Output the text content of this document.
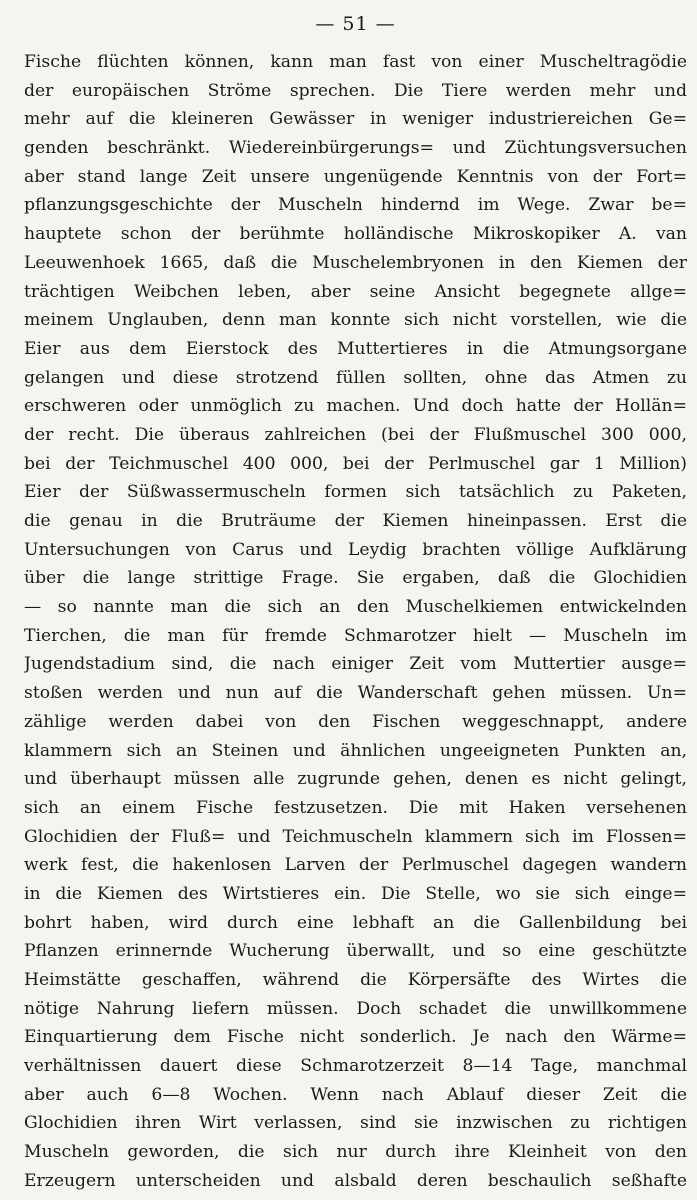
— 51 —
Fische flüchten können, kann man fast von einer Muscheltragödie
der europäischen Ströme sprechen. Die Tiere werden mehr und
mehr auf die kleineren Gewässer in weniger industriereichen Ge=
genden beschränkt. Wiedereinbürgerungs= und Züchtungsversuchen
aber stand lange Zeit unsere ungenügende Kenntnis von der Fort=
pflanzungsgeschichte der Muscheln hindernd im Wege. Zwar be=
hauptete schon der berühmte holländische Mikroskopiker A. van
Leeuwenhoek 1665, daß die Muschelembryonen in den Kiemen der
trächtigen Weibchen leben, aber seine Ansicht begegnete allge=
meinem Unglauben, denn man konnte sich nicht vorstellen, wie die
Eier aus dem Eierstock des Muttertieres in die Atmungsorgane
gelangen und diese strotzend füllen sollten, ohne das Atmen zu
erschweren oder unmöglich zu machen. Und doch hatte der Hollän=
der recht. Die überaus zahlreichen (bei der Flußmuschel 300 000,
bei der Teichmuschel 400 000, bei der Perlmuschel gar 1 Million)
Eier der Süßwassermuscheln formen sich tatsächlich zu Paketen,
die genau in die Bruträume der Kiemen hineinpassen. Erst die
Untersuchungen von Carus und Leydig brachten völlige Aufklärung
über die lange strittige Frage. Sie ergaben, daß die Glochidien
— so nannte man die sich an den Muschelkiemen entwickelnden
Tierchen, die man für fremde Schmarotzer hielt — Muscheln im
Jugendstadium sind, die nach einiger Zeit vom Muttertier ausge=
stoßen werden und nun auf die Wanderschaft gehen müssen. Un=
zählige werden dabei von den Fischen weggeschnappt, andere
klammern sich an Steinen und ähnlichen ungeeigneten Punkten an,
und überhaupt müssen alle zugrunde gehen, denen es nicht gelingt,
sich an einem Fische festzusetzen. Die mit Haken versehenen
Glochidien der Fluß= und Teichmuscheln klammern sich im Flossen=
werk fest, die hakenlosen Larven der Perlmuschel dagegen wandern
in die Kiemen des Wirtstieres ein. Die Stelle, wo sie sich einge=
bohrt haben, wird durch eine lebhaft an die Gallenbildung bei
Pflanzen erinnernde Wucherung überwallt, und so eine geschützte
Heimstätte geschaffen, während die Körpersäfte des Wirtes die
nötige Nahrung liefern müssen. Doch schadet die unwillkommene
Einquartierung dem Fische nicht sonderlich. Je nach den Wärme=
verhältnissen dauert diese Schmarotzerzeit 8—14 Tage, manchmal
aber auch 6—8 Wochen. Wenn nach Ablauf dieser Zeit die
Glochidien ihren Wirt verlassen, sind sie inzwischen zu richtigen
Muscheln geworden, die sich nur durch ihre Kleinheit von den
Erzeugern unterscheiden und alsbald deren beschaulich seßhafte
